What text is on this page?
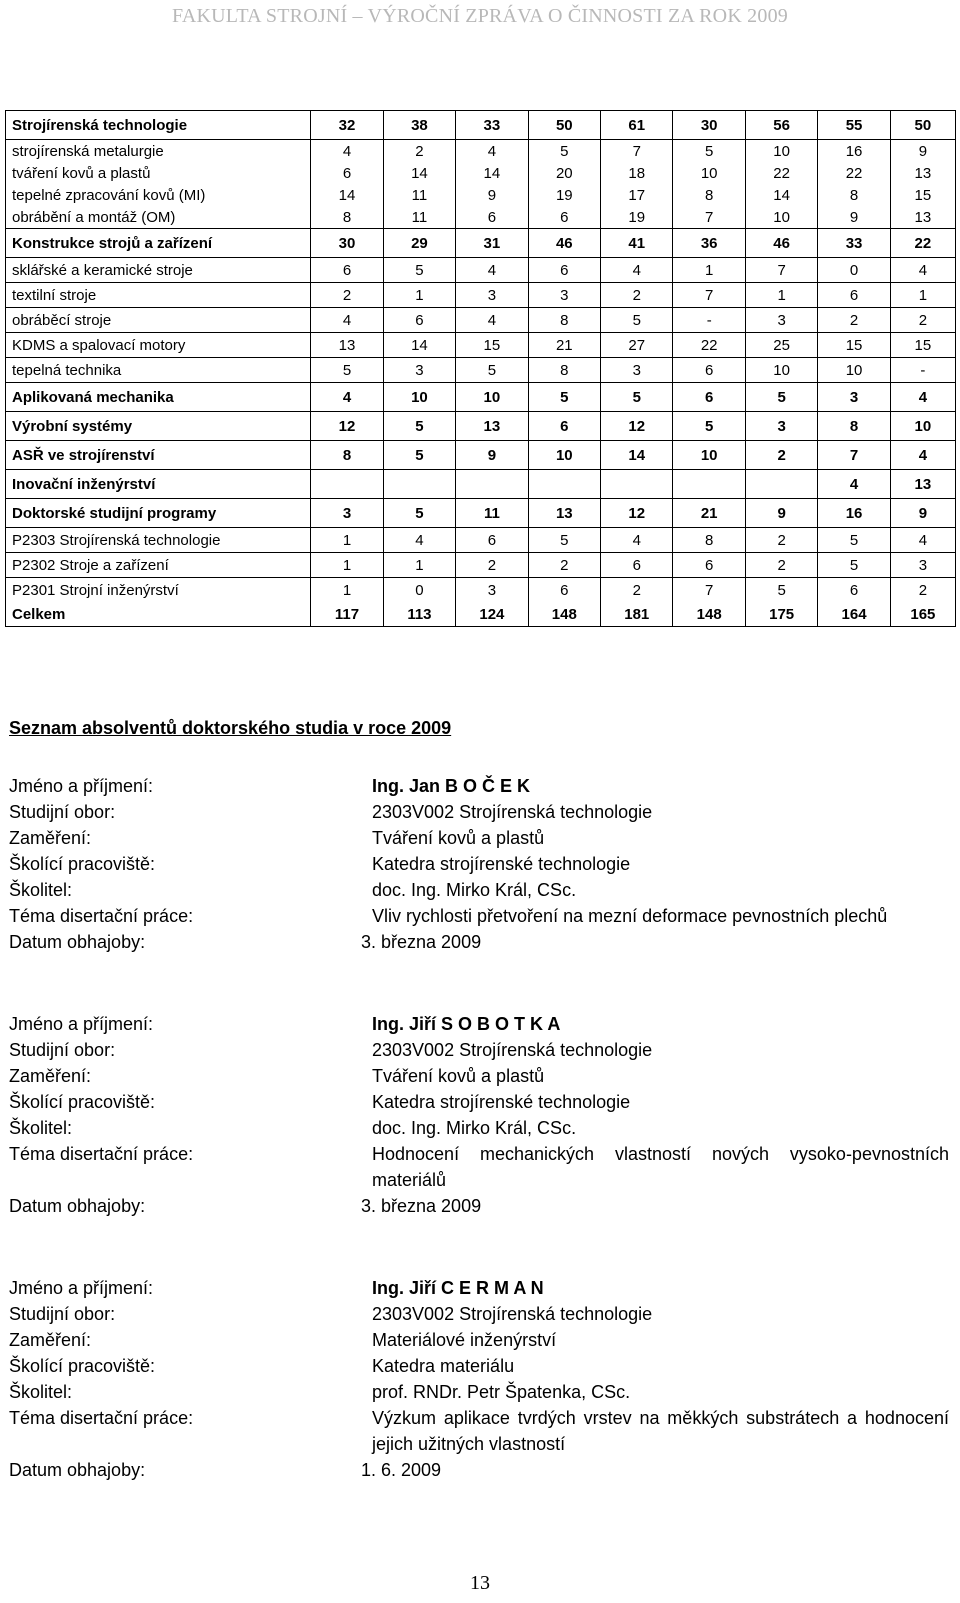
FAKULTA STROJNÍ – VÝROČNÍ ZPRÁVA O ČINNOSTI ZA ROK 2009
Strojírenská technologie	32	38	33	50	61	30	56	55	50
strojírenská metalurgie	4	2	4	5	7	5	10	16	9
tváření kovů a plastů	6	14	14	20	18	10	22	22	13
tepelné zpracování kovů (MI)	14	11	9	19	17	8	14	8	15
obrábění a montáž (OM)	8	11	6	6	19	7	10	9	13
Konstrukce strojů a zařízení	30	29	31	46	41	36	46	33	22
sklářské a keramické stroje	6	5	4	6	4	1	7	0	4
textilní stroje	2	1	3	3	2	7	1	6	1
obráběcí stroje	4	6	4	8	5	-	3	2	2
KDMS a spalovací motory	13	14	15	21	27	22	25	15	15
tepelná technika	5	3	5	8	3	6	10	10	-
Aplikovaná mechanika	4	10	10	5	5	6	5	3	4
Výrobní systémy	12	5	13	6	12	5	3	8	10
ASŘ ve strojírenství	8	5	9	10	14	10	2	7	4
Inovační inženýrství								4	13
Doktorské studijní programy	3	5	11	13	12	21	9	16	9
P2303 Strojírenská technologie	1	4	6	5	4	8	2	5	4
P2302 Stroje a zařízení	1	1	2	2	6	6	2	5	3
P2301 Strojní inženýrství	1	0	3	6	2	7	5	6	2
Celkem	117	113	124	148	181	148	175	164	165
Seznam absolventů doktorského studia v roce 2009
Jméno a příjmení:	Ing. Jan B O Č E K
Studijní obor:	2303V002 Strojírenská technologie
Zaměření:	Tváření kovů a plastů
Školící pracoviště:	Katedra strojírenské technologie
Školitel:	doc. Ing. Mirko Král, CSc.
Téma disertační práce:	Vliv rychlosti přetvoření na mezní deformace pevnostních plechů
Datum obhajoby:	3. března 2009
Jméno a příjmení:	Ing. Jiří S O B O T K A
Studijní obor:	2303V002 Strojírenská technologie
Zaměření:	Tváření kovů a plastů
Školící pracoviště:	Katedra strojírenské technologie
Školitel:	doc. Ing. Mirko Král, CSc.
Téma disertační práce:	Hodnocení mechanických vlastností nových vysoko-pevnostních materiálů
Datum obhajoby:	3. března 2009
Jméno a příjmení:	Ing. Jiří C E R M A N
Studijní obor:	2303V002 Strojírenská technologie
Zaměření:	Materiálové inženýrství
Školící pracoviště:	Katedra materiálu
Školitel:	prof. RNDr. Petr Špatenka, CSc.
Téma disertační práce:	Výzkum aplikace tvrdých vrstev na měkkých substrátech a hodnocení jejich užitných vlastností
Datum obhajoby:	1. 6. 2009
13
